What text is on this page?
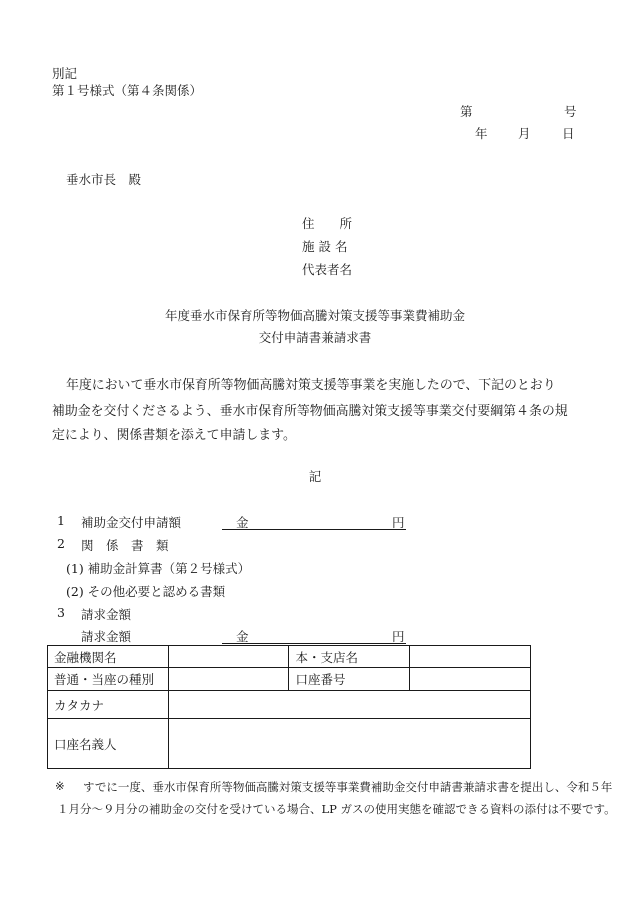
別記
第１号様式（第４条関係）
第	号
年 月	日
垂水市長　殿
住　　所
施 設 名
代表者名
年度垂水市保育所等物価高騰対策支援等事業費補助金
交付申請書兼請求書
年度において垂水市保育所等物価高騰対策支援等事業を実施したので、下記のとおり
補助金を交付くださるよう、垂水市保育所等物価高騰対策支援等事業交付要綱第４条の規
定により、関係書類を添えて申請します。
記
1 補助金交付申請額	金	円
2 関　係　書　類
(1) 補助金計算書（第２号様式）
(2) その他必要と認める書類
3 請求金額
請求金額	金	円
金融機関名		本・支店名	
普通・当座の種別		口座番号	
カタカナ			
口座名義人			
※ すでに一度、垂水市保育所等物価高騰対策支援等事業費補助金交付申請書兼請求書を提出し、令和５年
１月分～９月分の補助金の交付を受けている場合、LP ガスの使用実態を確認できる資料の添付は不要です。
